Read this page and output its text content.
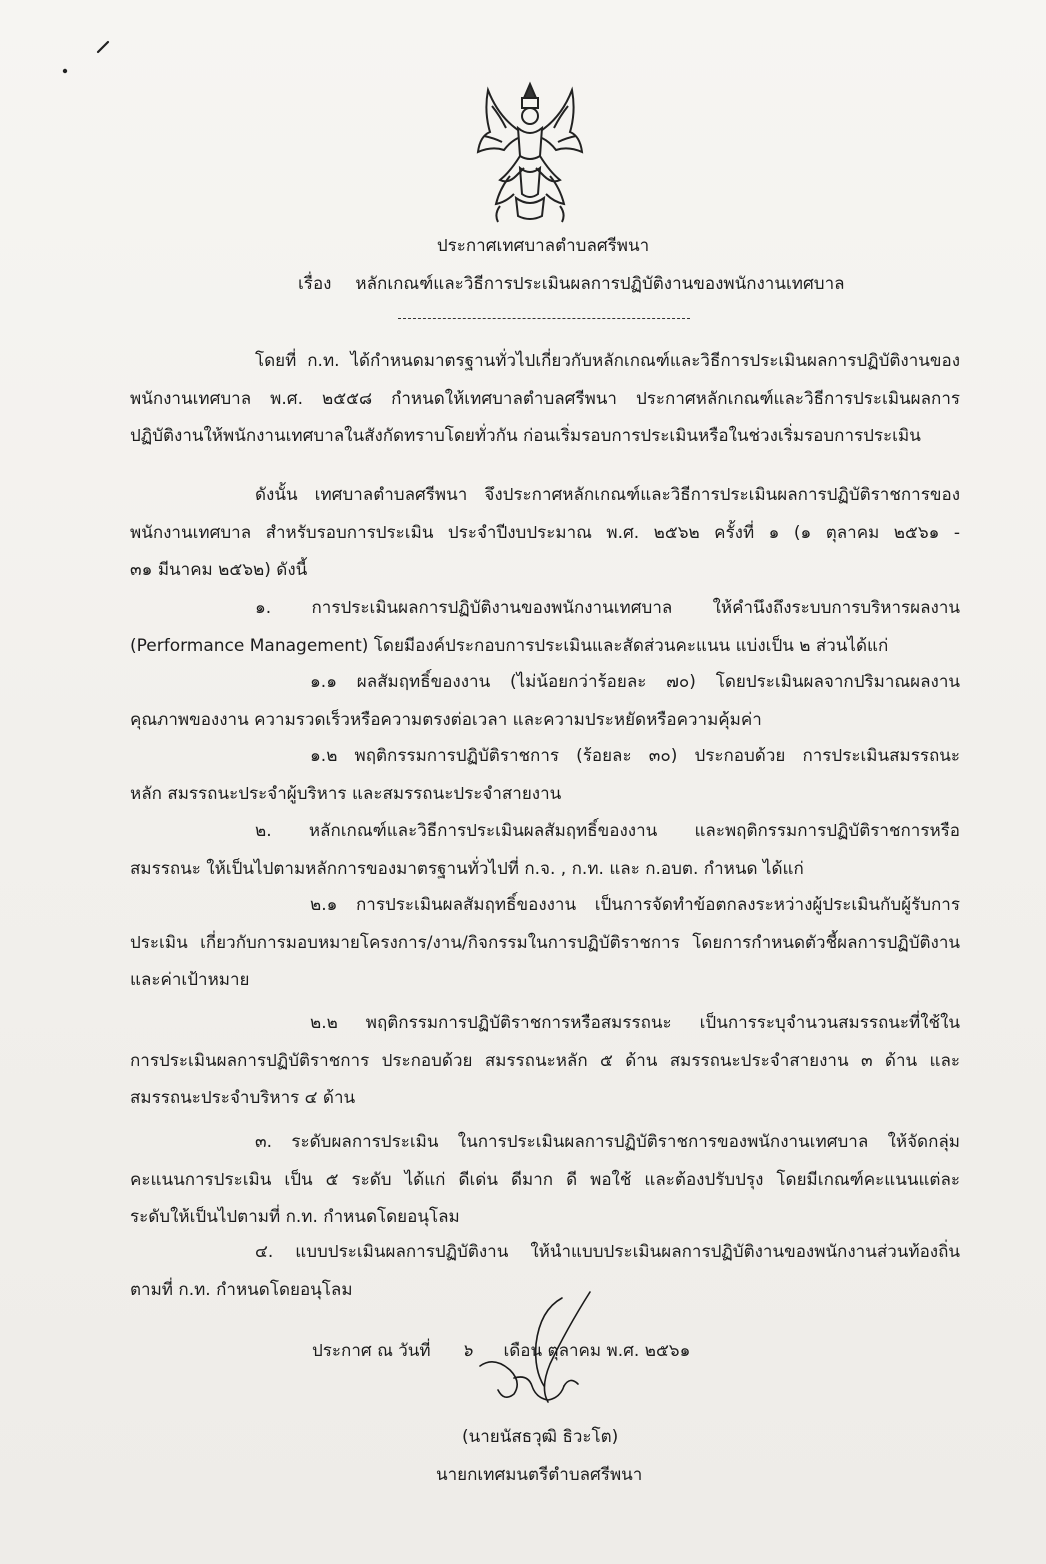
ประกาศเทศบาลตำบลศรีพนา
เรื่อง หลักเกณฑ์และวิธีการประเมินผลการปฏิบัติงานของพนักงานเทศบาล
โดยที่ ก.ท. ได้กำหนดมาตรฐานทั่วไปเกี่ยวกับหลักเกณฑ์และวิธีการประเมินผลการปฏิบัติงานของ
พนักงานเทศบาล พ.ศ. ๒๕๕๘ กำหนดให้เทศบาลตำบลศรีพนา ประกาศหลักเกณฑ์และวิธีการประเมินผลการ
ปฏิบัติงานให้พนักงานเทศบาลในสังกัดทราบโดยทั่วกัน ก่อนเริ่มรอบการประเมินหรือในช่วงเริ่มรอบการประเมิน
ดังนั้น เทศบาลตำบลศรีพนา จึงประกาศหลักเกณฑ์และวิธีการประเมินผลการปฏิบัติราชการของ
พนักงานเทศบาล สำหรับรอบการประเมิน ประจำปีงบประมาณ พ.ศ. ๒๕๖๒ ครั้งที่ ๑ (๑ ตุลาคม ๒๕๖๑ -
๓๑ มีนาคม ๒๕๖๒) ดังนี้
๑. การประเมินผลการปฏิบัติงานของพนักงานเทศบาล ให้คำนึงถึงระบบการบริหารผลงาน
(Performance Management) โดยมีองค์ประกอบการประเมินและสัดส่วนคะแนน แบ่งเป็น ๒ ส่วนได้แก่
๑.๑ ผลสัมฤทธิ์ของงาน (ไม่น้อยกว่าร้อยละ ๗๐) โดยประเมินผลจากปริมาณผลงาน
คุณภาพของงาน ความรวดเร็วหรือความตรงต่อเวลา และความประหยัดหรือความคุ้มค่า
๑.๒ พฤติกรรมการปฏิบัติราชการ (ร้อยละ ๓๐) ประกอบด้วย การประเมินสมรรถนะ
หลัก สมรรถนะประจำผู้บริหาร และสมรรถนะประจำสายงาน
๒. หลักเกณฑ์และวิธีการประเมินผลสัมฤทธิ์ของงาน และพฤติกรรมการปฏิบัติราชการหรือ
สมรรถนะ ให้เป็นไปตามหลักการของมาตรฐานทั่วไปที่ ก.จ. , ก.ท. และ ก.อบต. กำหนด ได้แก่
๒.๑ การประเมินผลสัมฤทธิ์ของงาน เป็นการจัดทำข้อตกลงระหว่างผู้ประเมินกับผู้รับการ
ประเมิน เกี่ยวกับการมอบหมายโครงการ/งาน/กิจกรรมในการปฏิบัติราชการ โดยการกำหนดตัวชี้ผลการปฏิบัติงาน
และค่าเป้าหมาย
๒.๒ พฤติกรรมการปฏิบัติราชการหรือสมรรถนะ เป็นการระบุจำนวนสมรรถนะที่ใช้ใน
การประเมินผลการปฏิบัติราชการ ประกอบด้วย สมรรถนะหลัก ๕ ด้าน สมรรถนะประจำสายงาน ๓ ด้าน และ
สมรรถนะประจำบริหาร ๔ ด้าน
๓. ระดับผลการประเมิน ในการประเมินผลการปฏิบัติราชการของพนักงานเทศบาล ให้จัดกลุ่ม
คะแนนการประเมิน เป็น ๕ ระดับ ได้แก่ ดีเด่น ดีมาก ดี พอใช้ และต้องปรับปรุง โดยมีเกณฑ์คะแนนแต่ละ
ระดับให้เป็นไปตามที่ ก.ท. กำหนดโดยอนุโลม
๔. แบบประเมินผลการปฏิบัติงาน ให้นำแบบประเมินผลการปฏิบัติงานของพนักงานส่วนท้องถิ่น
ตามที่ ก.ท. กำหนดโดยอนุโลม
ประกาศ ณ วันที่ ๖ เดือน ตุลาคม พ.ศ. ๒๕๖๑
(นายนัสธวุฒิ ธิวะโต)
นายกเทศมนตรีตำบลศรีพนา
